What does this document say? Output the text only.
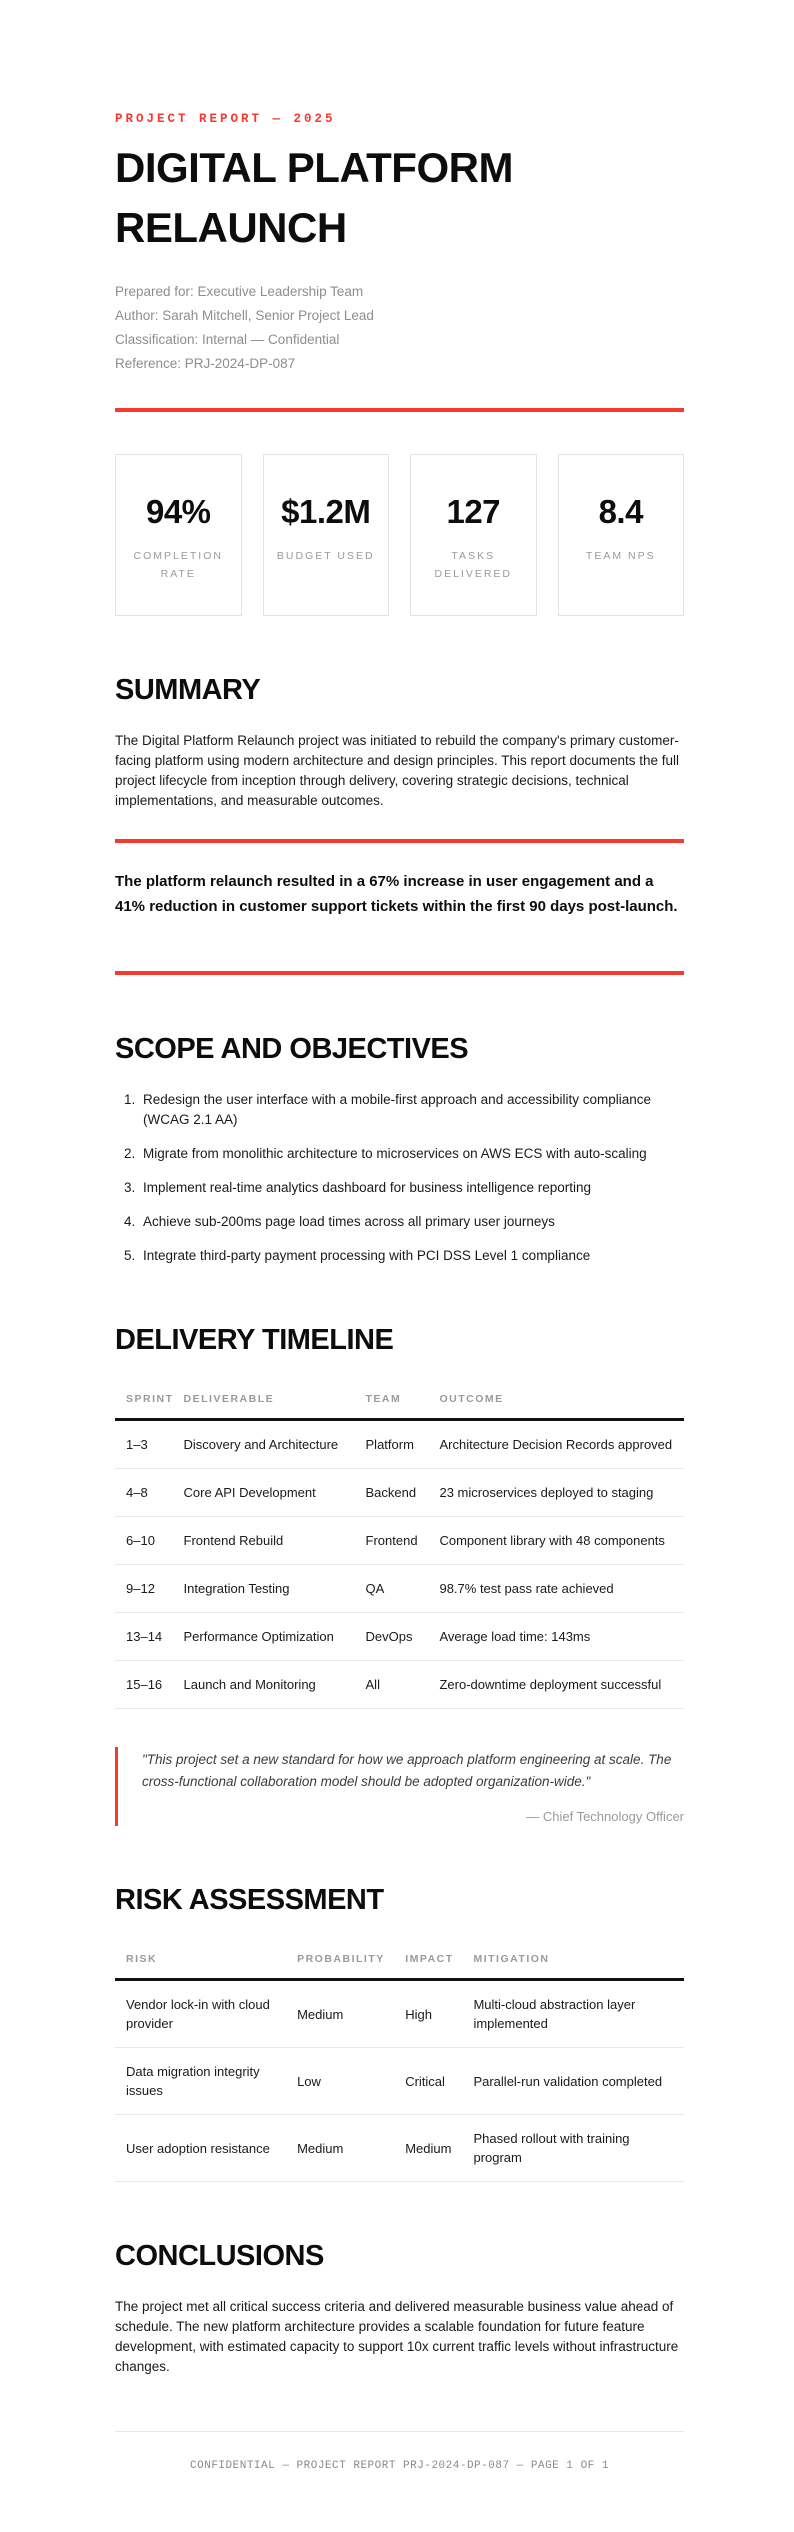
PROJECT REPORT — 2025
DIGITAL PLATFORM RELAUNCH
Prepared for: Executive Leadership Team
Author: Sarah Mitchell, Senior Project Lead
Classification: Internal — Confidential
Reference: PRJ-2024-DP-087
94%
COMPLETION RATE
$1.2M
BUDGET USED
127
TASKS DELIVERED
8.4
TEAM NPS
SUMMARY

The Digital Platform Relaunch project was initiated to rebuild the company's primary customer-facing platform using modern architecture and design principles. This report documents the full project lifecycle from inception through delivery, covering strategic decisions, technical implementations, and measurable outcomes.

The platform relaunch resulted in a 67% increase in user engagement and a 41% reduction in customer support tickets within the first 90 days post-launch.

SCOPE AND OBJECTIVES
1. Redesign the user interface with a mobile-first approach and accessibility compliance (WCAG 2.1 AA)
2. Migrate from monolithic architecture to microservices on AWS ECS with auto-scaling
3. Implement real-time analytics dashboard for business intelligence reporting
4. Achieve sub-200ms page load times across all primary user journeys
5. Integrate third-party payment processing with PCI DSS Level 1 compliance
DELIVERY TIMELINE
SPRINT	DELIVERABLE	TEAM	OUTCOME
1–3	Discovery and Architecture	Platform	Architecture Decision Records approved
4–8	Core API Development	Backend	23 microservices deployed to staging
6–10	Frontend Rebuild	Frontend	Component library with 48 components
9–12	Integration Testing	QA	98.7% test pass rate achieved
13–14	Performance Optimization	DevOps	Average load time: 143ms
15–16	Launch and Monitoring	All	Zero-downtime deployment successful
"This project set a new standard for how we approach platform engineering at scale. The cross-functional collaboration model should be adopted organization-wide."
— Chief Technology Officer
RISK ASSESSMENT
RISK	PROBABILITY	IMPACT	MITIGATION
Vendor lock-in with cloud provider	Medium	High	Multi-cloud abstraction layer implemented
Data migration integrity issues	Low	Critical	Parallel-run validation completed
User adoption resistance	Medium	Medium	Phased rollout with training program
CONCLUSIONS

The project met all critical success criteria and delivered measurable business value ahead of schedule. The new platform architecture provides a scalable foundation for future feature development, with estimated capacity to support 10x current traffic levels without infrastructure changes.

CONFIDENTIAL — PROJECT REPORT PRJ-2024-DP-087 — PAGE 1 OF 1
